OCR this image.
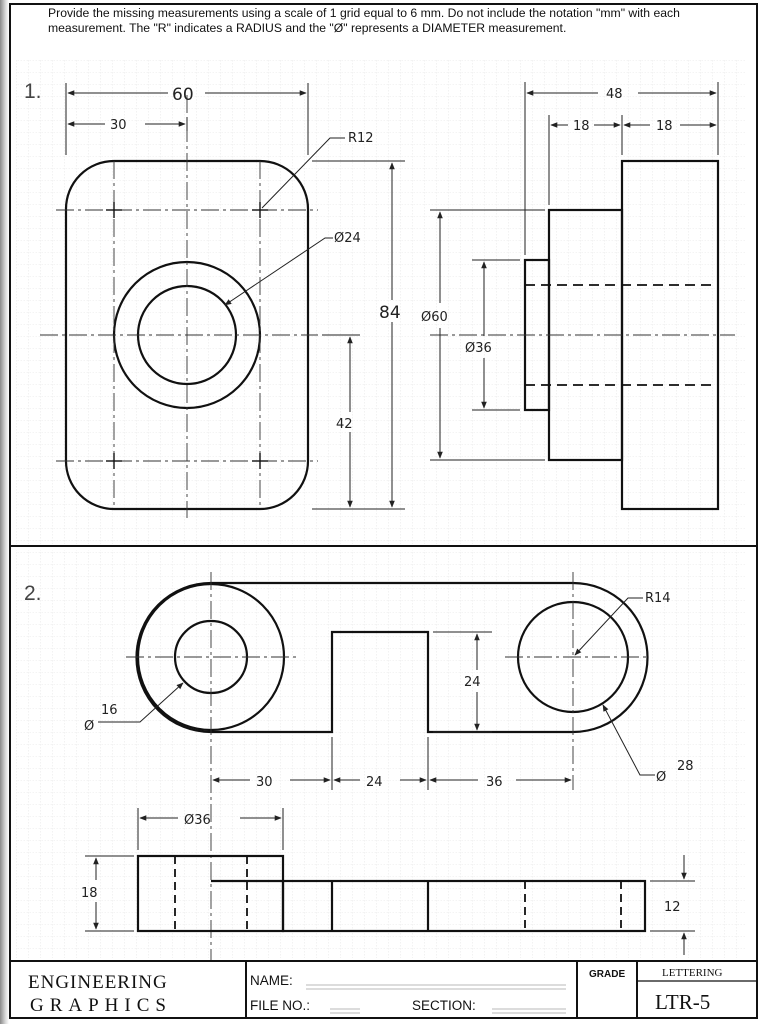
Provide the missing measurements using a scale of 1 grid equal to 6 mm. Do not include the notation "mm" with each measurement. The "R" indicates a RADIUS and the "Ø" represents a DIAMETER measurement.
1.	60
30
R12
Ø24
84
42
48
18	18
Ø60
Ø36
2.
Ø
16
R14
Ø
28
24
30	24	36
Ø36
18
12
ENGINEERING
GRAPHICS
NAME:
FILE NO.:	SECTION:
GRADE	LETTERING
LTR-5
